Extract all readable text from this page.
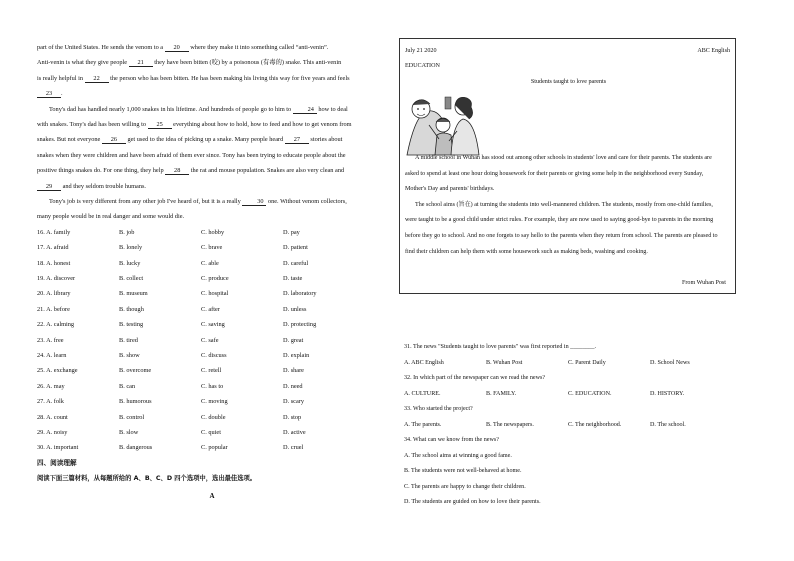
part of the United States. He sends the venom to a 20 where they make it into something called “anti-venin”.

Anti-venin is what they give people 21 they have been bitten (咬) by a poisonous (有毒的) snake. This anti-venin

is really helpful in 22 the person who has been bitten. He has been making his living this way for five years and feels

23 .

Tony's dad has handled nearly 1,000 snakes in his lifetime. And hundreds of people go to him to 24 how to deal

with snakes. Tony's dad has been willing to 25 everything about how to hold, how to feed and how to get venom from

snakes. But not everyone 26 get used to the idea of picking up a snake. Many people heard 27 stories about

snakes when they were children and have been afraid of them ever since. Tony has been trying to educate people about the

positive things snakes do. For one thing, they help 28 the rat and mouse population. Snakes are also very clean and

29 and they seldom trouble humans.

Tony's job is very different from any other job I've heard of, but it is a really 30 one. Without venom collectors,

many people would be in real danger and some would die.

16. A. family	B. job	C. hobby	D. pay
17. A. afraid	B. lonely	C. brave	D. patient
18. A. honest	B. lucky	C. able	D. careful
19. A. discover	B. collect	C. produce	D. taste
20. A. library	B. museum	C. hospital	D. laboratory
21. A. before	B. though	C. after	D. unless
22. A. calming	B. testing	C. saving	D. protecting
23. A. free	B. tired	C. safe	D. great
24. A. learn	B. show	C. discuss	D. explain
25. A. exchange	B. overcome	C. retell	D. share
26. A. may	B. can	C. has to	D. need
27. A. folk	B. humorous	C. moving	D. scary
28. A. count	B. control	C. double	D. stop
29. A. noisy	B. slow	C. quiet	D. active
30. A. important	B. dangerous	C. popular	D. cruel
四、阅读理解
阅读下面三篇材料，从每题所给的 A、B、C、D 四个选项中，选出最佳选项。
A
July 21 2020	ABC English
EDUCATION
Students taught to love parents

A middle school in Wuhan has stood out among other schools in students' love and care for their parents. The students are asked to spend at least one hour doing housework for their parents or giving some help in the neighborhood every Sunday, Mother's Day and parents' birthdays.

The school aims (旨在) at turning the students into well-mannered children. The students, mostly from one-child families, were taught to be a good child under strict rules. For example, they are now used to saying good-bye to parents in the morning before they go to school. And no one forgets to say hello to the parents when they return from school. The parents are pleased to find their children can help them with some housework such as making beds, washing and cooking.

From Wuhan Post
31. The news "Students taught to love parents" was first reported in ________.
A. ABC English	B. Wuhan Post	C. Parent Daily	D. School News
32. In which part of the newspaper can we read the news?
A. CULTURE.	B. FAMILY.	C. EDUCATION.	D. HISTORY.
33. Who started the project?
A. The parents.	B. The newspapers.	C. The neighborhood.	D. The school.
34. What can we know from the news?
A. The school aims at winning a good fame.
B. The students were not well-behaved at home.
C. The parents are happy to change their children.
D. The students are guided on how to love their parents.
